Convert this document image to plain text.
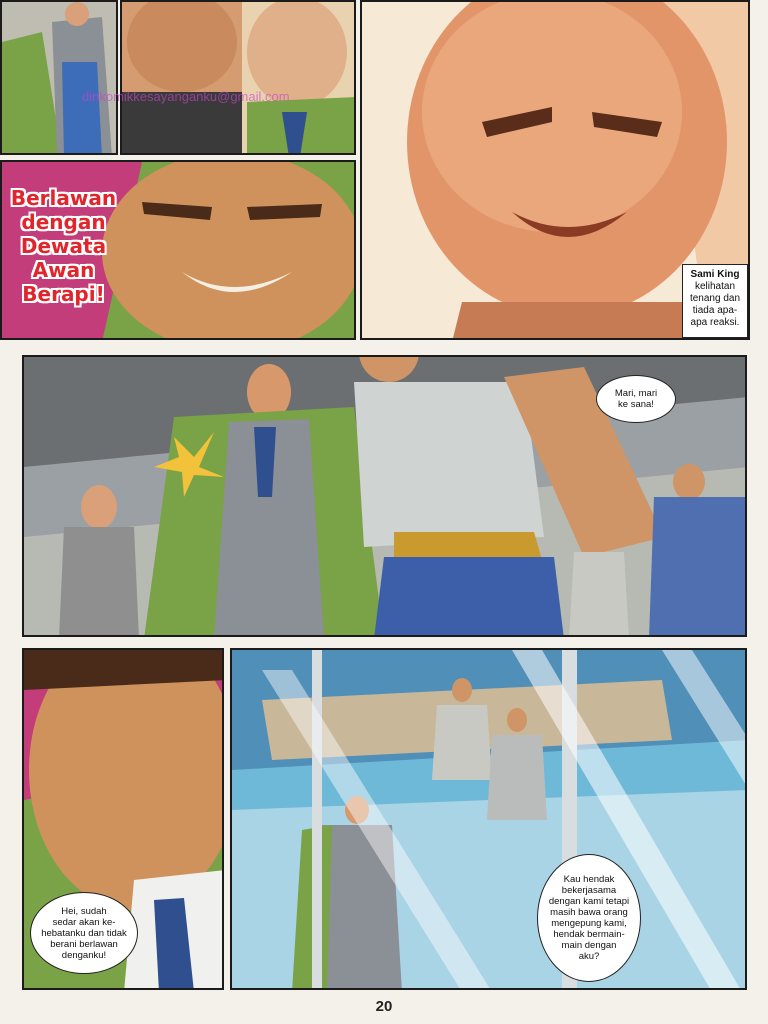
dinkomikkesayanganku@gmail.com
Sami King
kelihatan
tenang dan
tiada apa-
apa reaksi.
Berlawan
dengan
Dewata
Awan
Berapi!
Mari, mari
ke sana!
Hei, sudah
sedar akan ke-
hebatanku dan tidak
berani berlawan
denganku!
Kau hendak
bekerjasama
dengan kami tetapi
masih bawa orang
mengepung kami,
hendak bermain-
main dengan
aku?
20
